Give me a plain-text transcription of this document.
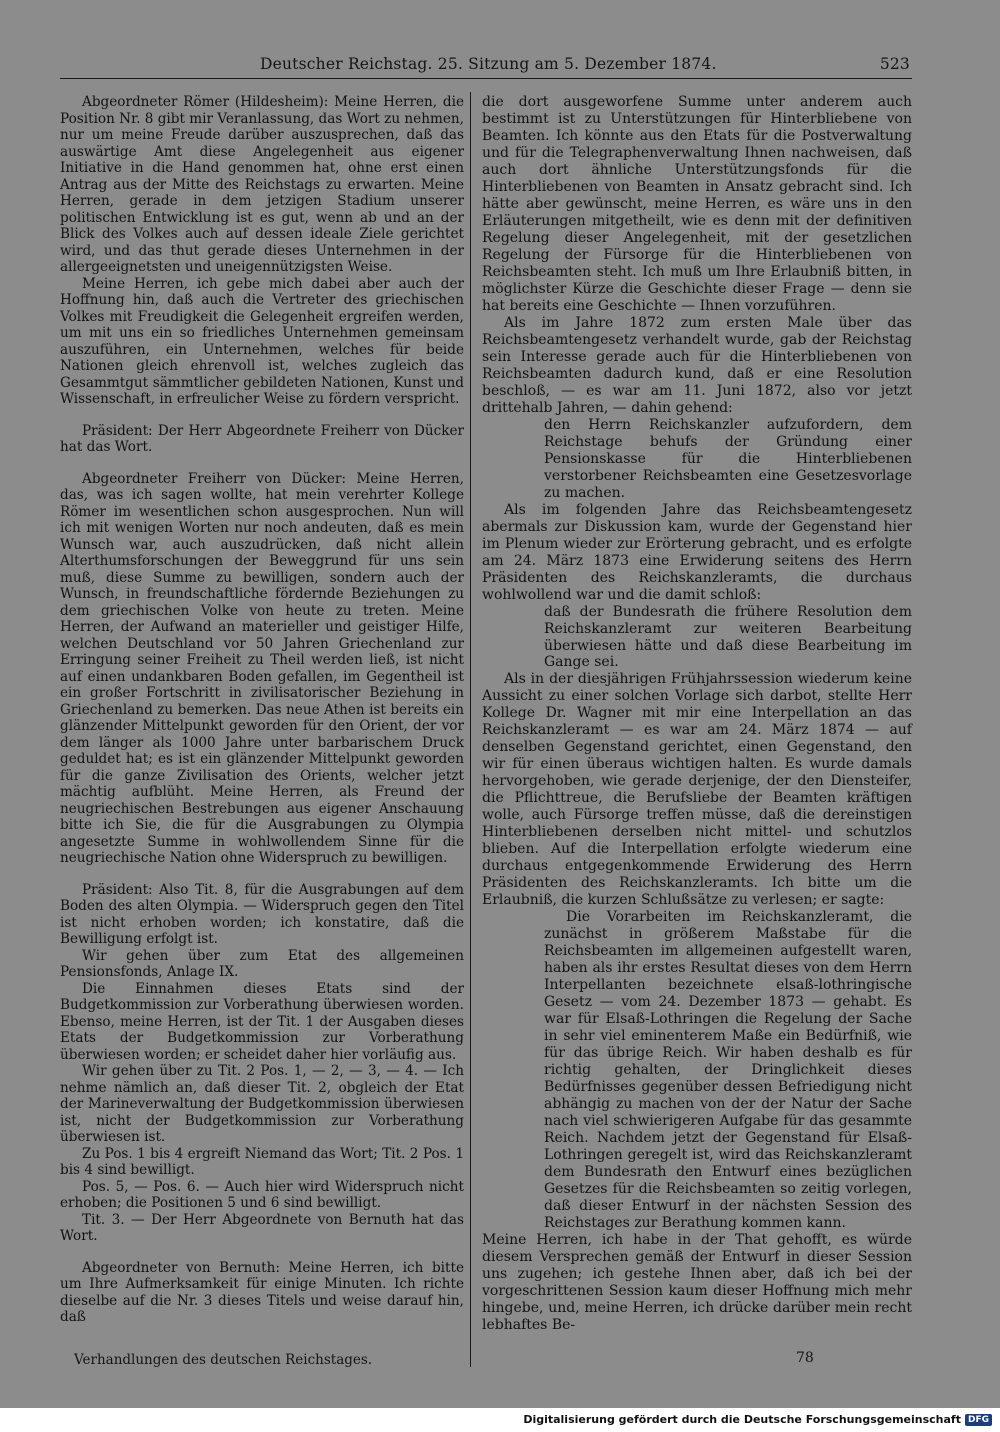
Deutscher Reichstag. 25. Sitzung am 5. Dezember 1874.	523

Abgeordneter Römer (Hildesheim): Meine Herren, die Position Nr. 8 gibt mir Veranlassung, das Wort zu nehmen, nur um meine Freude darüber auszusprechen, daß das auswärtige Amt diese Angelegenheit aus eigener Initiative in die Hand genommen hat, ohne erst einen Antrag aus der Mitte des Reichstags zu erwarten. Meine Herren, gerade in dem jetzigen Stadium unserer politischen Entwicklung ist es gut, wenn ab und an der Blick des Volkes auch auf dessen ideale Ziele gerichtet wird, und das thut gerade dieses Unternehmen in der allergeeignetsten und uneigennützigsten Weise.

Meine Herren, ich gebe mich dabei aber auch der Hoffnung hin, daß auch die Vertreter des griechischen Volkes mit Freudigkeit die Gelegenheit ergreifen werden, um mit uns ein so friedliches Unternehmen gemeinsam auszuführen, ein Unternehmen, welches für beide Nationen gleich ehrenvoll ist, welches zugleich das Gesammtgut sämmtlicher gebildeten Nationen, Kunst und Wissenschaft, in erfreulicher Weise zu fördern verspricht.

Präsident: Der Herr Abgeordnete Freiherr von Dücker hat das Wort.

Abgeordneter Freiherr von Dücker: Meine Herren, das, was ich sagen wollte, hat mein verehrter Kollege Römer im wesentlichen schon ausgesprochen. Nun will ich mit wenigen Worten nur noch andeuten, daß es mein Wunsch war, auch auszudrücken, daß nicht allein Alterthumsforschungen der Beweggrund für uns sein muß, diese Summe zu bewilligen, sondern auch der Wunsch, in freundschaftliche fördernde Beziehungen zu dem griechischen Volke von heute zu treten. Meine Herren, der Aufwand an materieller und geistiger Hilfe, welchen Deutschland vor 50 Jahren Griechenland zur Erringung seiner Freiheit zu Theil werden ließ, ist nicht auf einen undankbaren Boden gefallen, im Gegentheil ist ein großer Fortschritt in zivilisatorischer Beziehung in Griechenland zu bemerken. Das neue Athen ist bereits ein glänzender Mittelpunkt geworden für den Orient, der vor dem länger als 1000 Jahre unter barbarischem Druck geduldet hat; es ist ein glänzender Mittelpunkt geworden für die ganze Zivilisation des Orients, welcher jetzt mächtig aufblüht. Meine Herren, als Freund der neugriechischen Bestrebungen aus eigener Anschauung bitte ich Sie, die für die Ausgrabungen zu Olympia angesetzte Summe in wohlwollendem Sinne für die neugriechische Nation ohne Widerspruch zu bewilligen.

Präsident: Also Tit. 8, für die Ausgrabungen auf dem Boden des alten Olympia. — Widerspruch gegen den Titel ist nicht erhoben worden; ich konstatire, daß die Bewilligung erfolgt ist.

Wir gehen über zum Etat des allgemeinen Pensionsfonds, Anlage IX.

Die Einnahmen dieses Etats sind der Budgetkommission zur Vorberathung überwiesen worden. Ebenso, meine Herren, ist der Tit. 1 der Ausgaben dieses Etats der Budgetkommission zur Vorberathung überwiesen worden; er scheidet daher hier vorläufig aus.

Wir gehen über zu Tit. 2 Pos. 1, — 2, — 3, — 4. — Ich nehme nämlich an, daß dieser Tit. 2, obgleich der Etat der Marineverwaltung der Budgetkommission überwiesen ist, nicht der Budgetkommission zur Vorberathung überwiesen ist.

Zu Pos. 1 bis 4 ergreift Niemand das Wort; Tit. 2 Pos. 1 bis 4 sind bewilligt.

Pos. 5, — Pos. 6. — Auch hier wird Widerspruch nicht erhoben; die Positionen 5 und 6 sind bewilligt.

Tit. 3. — Der Herr Abgeordnete von Bernuth hat das Wort.

Abgeordneter von Bernuth: Meine Herren, ich bitte um Ihre Aufmerksamkeit für einige Minuten. Ich richte dieselbe auf die Nr. 3 dieses Titels und weise darauf hin, daß

die dort ausgeworfene Summe unter anderem auch bestimmt ist zu Unterstützungen für Hinterbliebene von Beamten. Ich könnte aus den Etats für die Postverwaltung und für die Telegraphenverwaltung Ihnen nachweisen, daß auch dort ähnliche Unterstützungsfonds für die Hinterbliebenen von Beamten in Ansatz gebracht sind. Ich hätte aber gewünscht, meine Herren, es wäre uns in den Erläuterungen mitgetheilt, wie es denn mit der definitiven Regelung dieser Angelegenheit, mit der gesetzlichen Regelung der Fürsorge für die Hinterbliebenen von Reichsbeamten steht. Ich muß um Ihre Erlaubniß bitten, in möglichster Kürze die Geschichte dieser Frage — denn sie hat bereits eine Geschichte — Ihnen vorzuführen.

Als im Jahre 1872 zum ersten Male über das Reichsbeamtengesetz verhandelt wurde, gab der Reichstag sein Interesse gerade auch für die Hinterbliebenen von Reichsbeamten dadurch kund, daß er eine Resolution beschloß, — es war am 11. Juni 1872, also vor jetzt drittehalb Jahren, — dahin gehend:

den Herrn Reichskanzler aufzufordern, dem Reichstage behufs der Gründung einer Pensionskasse für die Hinterbliebenen verstorbener Reichsbeamten eine Gesetzesvorlage zu machen.

Als im folgenden Jahre das Reichsbeamtengesetz abermals zur Diskussion kam, wurde der Gegenstand hier im Plenum wieder zur Erörterung gebracht, und es erfolgte am 24. März 1873 eine Erwiderung seitens des Herrn Präsidenten des Reichskanzleramts, die durchaus wohlwollend war und die damit schloß:

daß der Bundesrath die frühere Resolution dem Reichskanzleramt zur weiteren Bearbeitung überwiesen hätte und daß diese Bearbeitung im Gange sei.

Als in der diesjährigen Frühjahrssession wiederum keine Aussicht zu einer solchen Vorlage sich darbot, stellte Herr Kollege Dr. Wagner mit mir eine Interpellation an das Reichskanzleramt — es war am 24. März 1874 — auf denselben Gegenstand gerichtet, einen Gegenstand, den wir für einen überaus wichtigen halten. Es wurde damals hervorgehoben, wie gerade derjenige, der den Diensteifer, die Pflichttreue, die Berufsliebe der Beamten kräftigen wolle, auch Fürsorge treffen müsse, daß die dereinstigen Hinterbliebenen derselben nicht mittel- und schutzlos blieben. Auf die Interpellation erfolgte wiederum eine durchaus entgegenkommende Erwiderung des Herrn Präsidenten des Reichskanzleramts. Ich bitte um die Erlaubniß, die kurzen Schlußsätze zu verlesen; er sagte:

Die Vorarbeiten im Reichskanzleramt, die zunächst in größerem Maßstabe für die Reichsbeamten im allgemeinen aufgestellt waren, haben als ihr erstes Resultat dieses von dem Herrn Interpellanten bezeichnete elsaß-lothringische Gesetz — vom 24. Dezember 1873 — gehabt. Es war für Elsaß-Lothringen die Regelung der Sache in sehr viel eminenterem Maße ein Bedürfniß, wie für das übrige Reich. Wir haben deshalb es für richtig gehalten, der Dringlichkeit dieses Bedürfnisses gegenüber dessen Befriedigung nicht abhängig zu machen von der der Natur der Sache nach viel schwierigeren Aufgabe für das gesammte Reich. Nachdem jetzt der Gegenstand für Elsaß-Lothringen geregelt ist, wird das Reichskanzleramt dem Bundesrath den Entwurf eines bezüglichen Gesetzes für die Reichsbeamten so zeitig vorlegen, daß dieser Entwurf in der nächsten Session des Reichstages zur Berathung kommen kann.

Meine Herren, ich habe in der That gehofft, es würde diesem Versprechen gemäß der Entwurf in dieser Session uns zugehen; ich gestehe Ihnen aber, daß ich bei der vorgeschrittenen Session kaum dieser Hoffnung mich mehr hingebe, und, meine Herren, ich drücke darüber mein recht lebhaftes Be-

Verhandlungen des deutschen Reichstages.	78
Digitalisierung gefördert durch die Deutsche Forschungsgemeinschaft DFG
